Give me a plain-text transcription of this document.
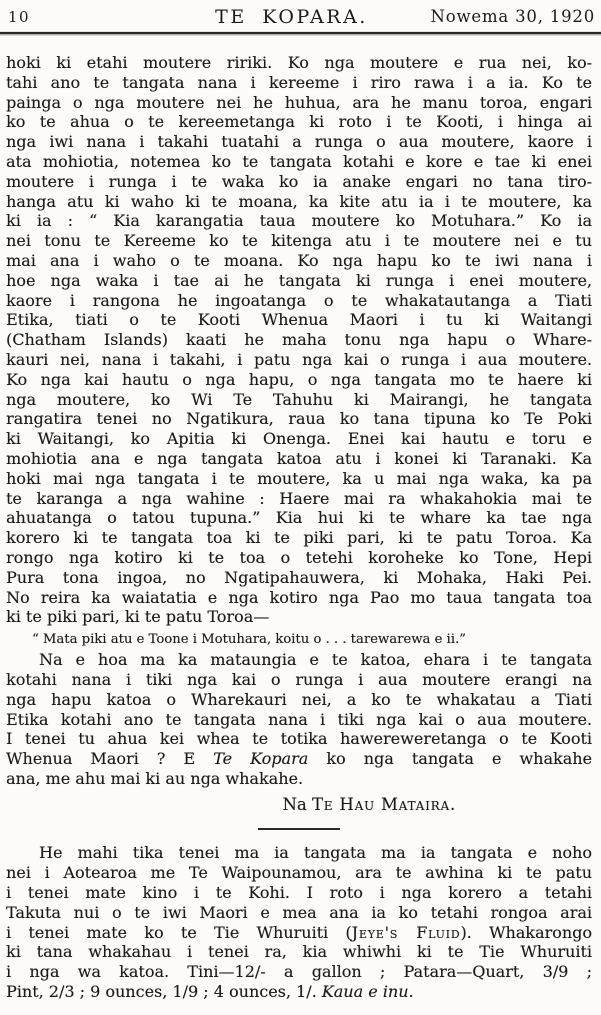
10	TE KOPARA.	Nowema 30, 1920
hoki ki etahi moutere ririki. Ko nga moutere e rua nei, ko-
tahi ano te tangata nana i kereeme i riro rawa i a ia. Ko te
painga o nga moutere nei he huhua, ara he manu toroa, engari
ko te ahua o te kereemetanga ki roto i te Kooti, i hinga ai
nga iwi nana i takahi tuatahi a runga o aua moutere, kaore i
ata mohiotia, notemea ko te tangata kotahi e kore e tae ki enei
moutere i runga i te waka ko ia anake engari no tana tiro-
hanga atu ki waho ki te moana, ka kite atu ia i te moutere, ka
ki ia : “ Kia karangatia taua moutere ko Motuhara.” Ko ia
nei tonu te Kereeme ko te kitenga atu i te moutere nei e tu
mai ana i waho o te moana. Ko nga hapu ko te iwi nana i
hoe nga waka i tae ai he tangata ki runga i enei moutere,
kaore i rangona he ingoatanga o te whakatautanga a Tiati
Etika, tiati o te Kooti Whenua Maori i tu ki Waitangi
(Chatham Islands) kaati he maha tonu nga hapu o Whare-
kauri nei, nana i takahi, i patu nga kai o runga i aua moutere.
Ko nga kai hautu o nga hapu, o nga tangata mo te haere ki
nga moutere, ko Wi Te Tahuhu ki Mairangi, he tangata
rangatira tenei no Ngatikura, raua ko tana tipuna ko Te Poki
ki Waitangi, ko Apitia ki Onenga. Enei kai hautu e toru e
mohiotia ana e nga tangata katoa atu i konei ki Taranaki. Ka
hoki mai nga tangata i te moutere, ka u mai nga waka, ka pa
te karanga a nga wahine : Haere mai ra whakahokia mai te
ahuatanga o tatou tupuna.” Kia hui ki te whare ka tae nga
korero ki te tangata toa ki te piki pari, ki te patu Toroa. Ka
rongo nga kotiro ki te toa o tetehi koroheke ko Tone, Hepi
Pura tona ingoa, no Ngatipahauwera, ki Mohaka, Haki Pei.
No reira ka waiatatia e nga kotiro nga Pao mo taua tangata toa
ki te piki pari, ki te patu Toroa—
“ Mata piki atu e Toone i Motuhara, koitu o . . . tarewarewa e ii.”
Na e hoa ma ka mataungia e te katoa, ehara i te tangata
kotahi nana i tiki nga kai o runga i aua moutere erangi na
nga hapu katoa o Wharekauri nei, a ko te whakatau a Tiati
Etika kotahi ano te tangata nana i tiki nga kai o aua moutere.
I tenei tu ahua kei whea te totika hawereweretanga o te Kooti
Whenua Maori ? E Te Kopara ko nga tangata e whakahe
ana, me ahu mai ki au nga whakahe.
Na Te Hau Mataira.
He mahi tika tenei ma ia tangata ma ia tangata e noho
nei i Aotearoa me Te Waipounamou, ara te awhina ki te patu
i tenei mate kino i te Kohi. I roto i nga korero a tetahi
Takuta nui o te iwi Maori e mea ana ia ko tetahi rongoa arai
i tenei mate ko te Tie Whuruiti (Jeye's Fluid). Whakarongo
ki tana whakahau i tenei ra, kia whiwhi ki te Tie Whuruiti
i nga wa katoa. Tini—12/- a gallon ; Patara—Quart, 3/9 ;
Pint, 2/3 ; 9 ounces, 1/9 ; 4 ounces, 1/. Kaua e inu.
